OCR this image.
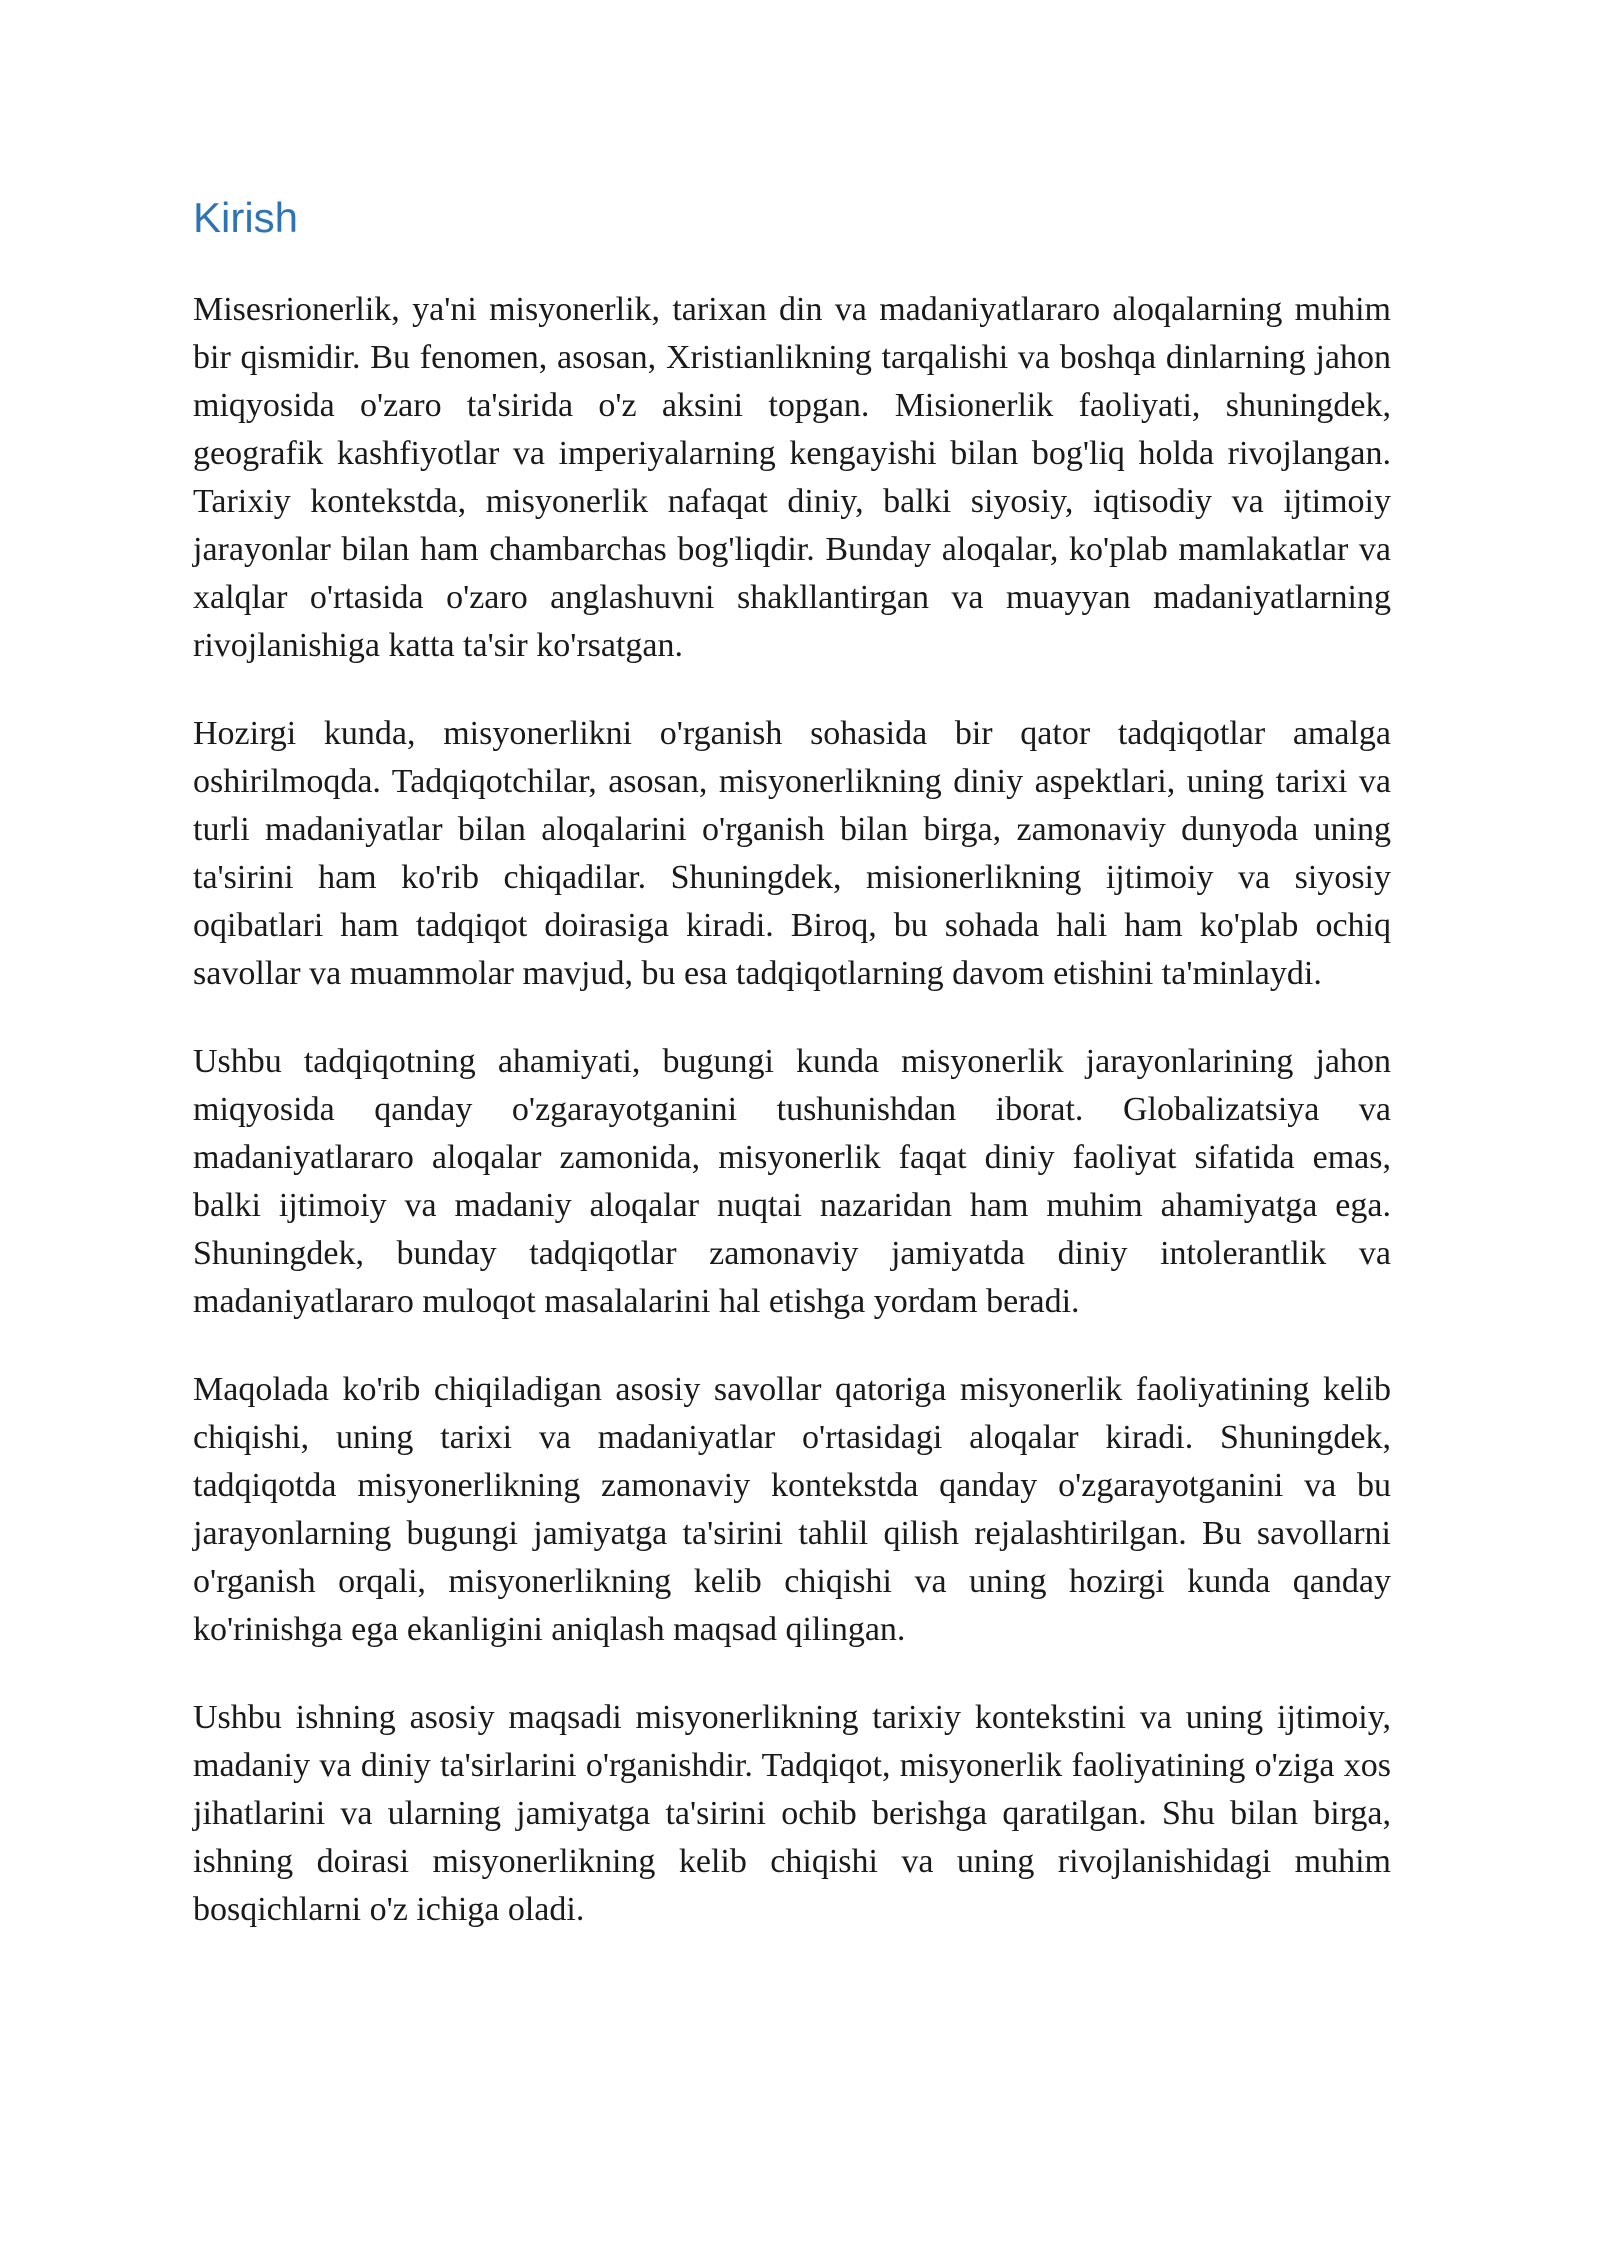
Kirish

Misesrionerlik, ya'ni misyonerlik, tarixan din va madaniyatlararo aloqalarning muhim bir qismidir. Bu fenomen, asosan, Xristianlikning tarqalishi va boshqa dinlarning jahon miqyosida o'zaro ta'sirida o'z aksini topgan. Misionerlik faoliyati, shuningdek, geografik kashfiyotlar va imperiyalarning kengayishi bilan bog'liq holda rivojlangan. Tarixiy kontekstda, misyonerlik nafaqat diniy, balki siyosiy, iqtisodiy va ijtimoiy jarayonlar bilan ham chambarchas bog'liqdir. Bunday aloqalar, ko'plab mamlakatlar va xalqlar o'rtasida o'zaro anglashuvni shakllantirgan va muayyan madaniyatlarning rivojlanishiga katta ta'sir ko'rsatgan.

Hozirgi kunda, misyonerlikni o'rganish sohasida bir qator tadqiqotlar amalga oshirilmoqda. Tadqiqotchilar, asosan, misyonerlikning diniy aspektlari, uning tarixi va turli madaniyatlar bilan aloqalarini o'rganish bilan birga, zamonaviy dunyoda uning ta'sirini ham ko'rib chiqadilar. Shuningdek, misionerlikning ijtimoiy va siyosiy oqibatlari ham tadqiqot doirasiga kiradi. Biroq, bu sohada hali ham ko'plab ochiq savollar va muammolar mavjud, bu esa tadqiqotlarning davom etishini ta'minlaydi.

Ushbu tadqiqotning ahamiyati, bugungi kunda misyonerlik jarayonlarining jahon miqyosida qanday o'zgarayotganini tushunishdan iborat. Globalizatsiya va madaniyatlararo aloqalar zamonida, misyonerlik faqat diniy faoliyat sifatida emas, balki ijtimoiy va madaniy aloqalar nuqtai nazaridan ham muhim ahamiyatga ega. Shuningdek, bunday tadqiqotlar zamonaviy jamiyatda diniy intolerantlik va madaniyatlararo muloqot masalalarini hal etishga yordam beradi.

Maqolada ko'rib chiqiladigan asosiy savollar qatoriga misyonerlik faoliyatining kelib chiqishi, uning tarixi va madaniyatlar o'rtasidagi aloqalar kiradi. Shuningdek, tadqiqotda misyonerlikning zamonaviy kontekstda qanday o'zgarayotganini va bu jarayonlarning bugungi jamiyatga ta'sirini tahlil qilish rejalashtirilgan. Bu savollarni o'rganish orqali, misyonerlikning kelib chiqishi va uning hozirgi kunda qanday ko'rinishga ega ekanligini aniqlash maqsad qilingan.

Ushbu ishning asosiy maqsadi misyonerlikning tarixiy kontekstini va uning ijtimoiy, madaniy va diniy ta'sirlarini o'rganishdir. Tadqiqot, misyonerlik faoliyatining o'ziga xos jihatlarini va ularning jamiyatga ta'sirini ochib berishga qaratilgan. Shu bilan birga, ishning doirasi misyonerlikning kelib chiqishi va uning rivojlanishidagi muhim bosqichlarni o'z ichiga oladi.
